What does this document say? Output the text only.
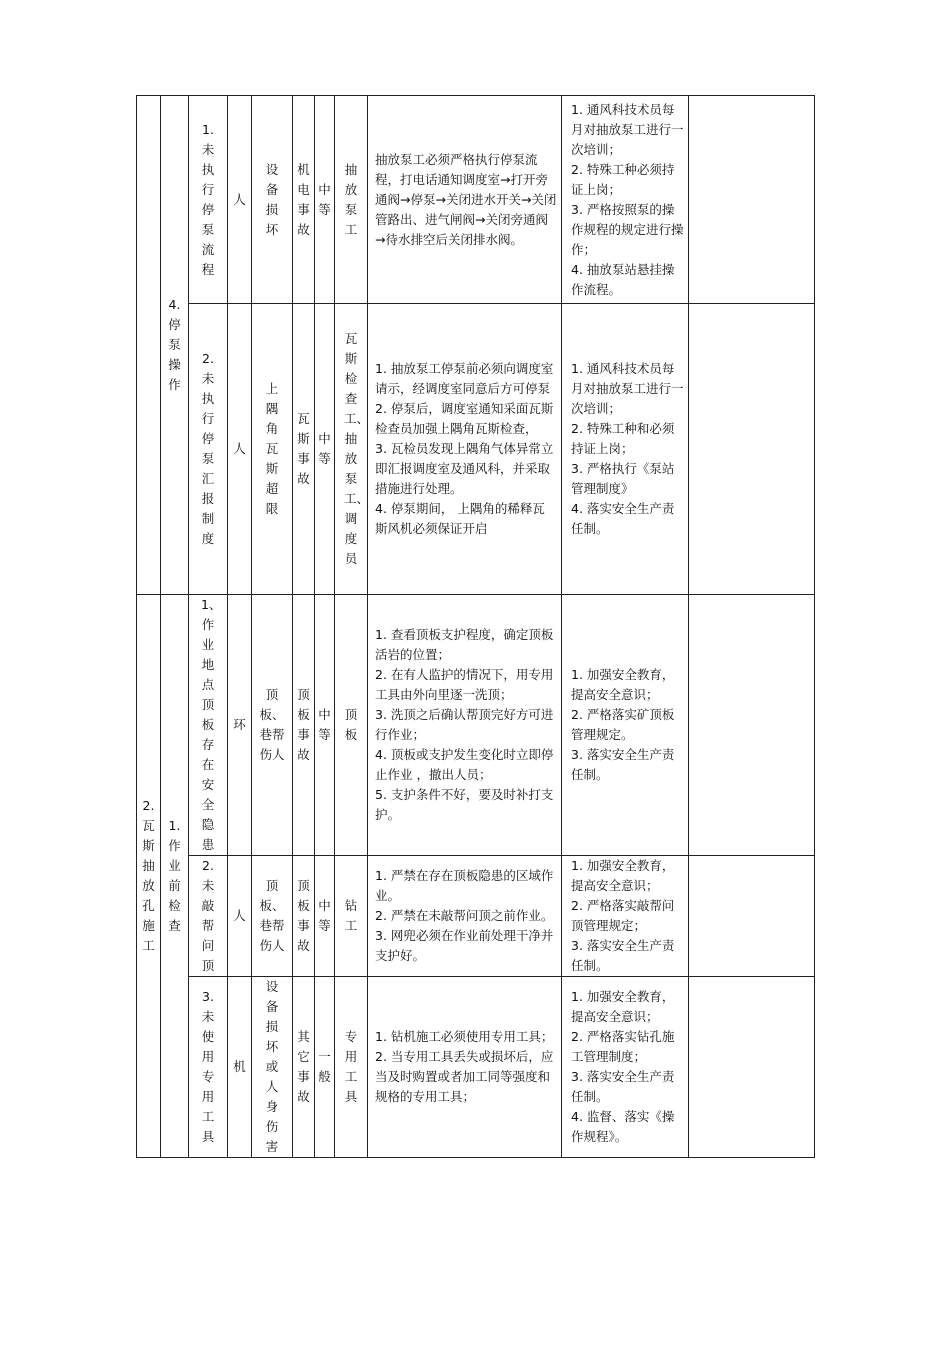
	4.停泵操作	1.未执行停泵流程	人	设备损坏	机电事故	中等	抽放泵工	抽放泵工必须严格执行停泵流程，打电话通知调度室→打开旁通阀→停泵→关闭进水开关→关闭管路出、进气闸阀→关闭旁通阀→待水排空后关闭排水阀。	1. 通风科技术员每月对抽放泵工进行一次培训；
2. 特殊工种必须持证上岗；
3. 严格按照泵的操作规程的规定进行操作；
4. 抽放泵站悬挂操作流程。	

		2.未执行停泵汇报制度	人	上隅角瓦斯超限	瓦斯事故	中等	瓦斯检查工、抽放泵工、调度员	1. 抽放泵工停泵前必须向调度室请示，经调度室同意后方可停泵
2. 停泵后，调度室通知采面瓦斯检查员加强上隅角瓦斯检查，
3. 瓦检员发现上隅角气体异常立即汇报调度室及通风科，并采取措施进行处理。
4. 停泵期间， 上隅角的稀释瓦斯风机必须保证开启	1. 通风科技术员每月对抽放泵工进行一次培训；
2. 特殊工种和必须持证上岗；
3. 严格执行《泵站管理制度》
4. 落实安全生产责任制。	

2.瓦斯抽放孔施工	1.作业前检查	1、作业地点顶板存在安全隐患	环	顶板、巷帮伤人	顶板事故	中等	顶板	1. 查看顶板支护程度，确定顶板活岩的位置；
2. 在有人监护的情况下，用专用工具由外向里逐一洗顶；
3. 洗顶之后确认帮顶完好方可进行作业；
4. 顶板或支护发生变化时立即停止作业 ，撤出人员；
5. 支护条件不好，要及时补打支护。	1. 加强安全教育，提高安全意识；
2. 严格落实矿顶板管理规定。
3. 落实安全生产责任制。	

		2.未敲帮问顶	人	顶板、巷帮伤人	顶板事故	中等	钻工	1. 严禁在存在顶板隐患的区域作业。
2. 严禁在未敲帮问顶之前作业。
3. 网兜必须在作业前处理干净并支护好。	1. 加强安全教育，提高安全意识；
2. 严格落实敲帮问顶管理规定；
3. 落实安全生产责任制。	

		3.未使用专用工具	机	设备损坏或人身伤害	其它事故	一般	专用工具	1. 钻机施工必须使用专用工具；
2. 当专用工具丢失或损坏后，应当及时购置或者加工同等强度和规格的专用工具；	1. 加强安全教育，提高安全意识；
2. 严格落实钻孔施工管理制度；
3. 落实安全生产责任制。
4. 监督、落实《操作规程》。	
